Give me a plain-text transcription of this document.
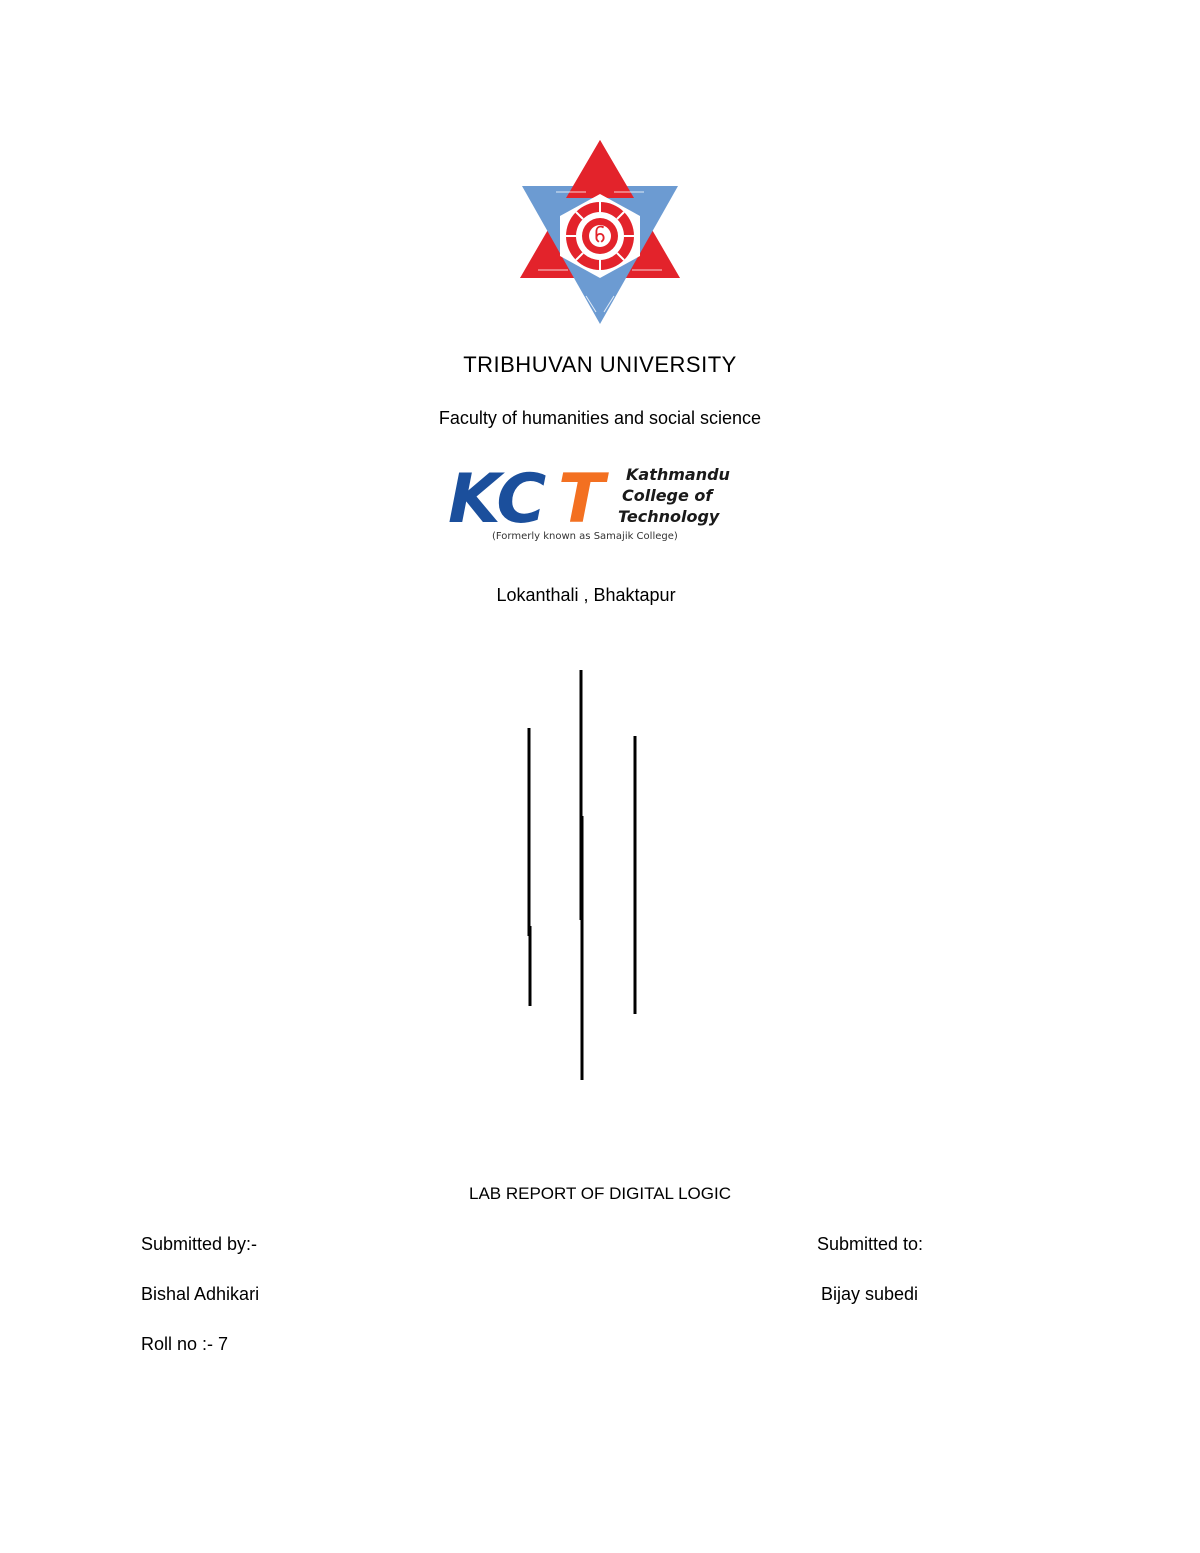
ᨤ
TRIBHUVAN UNIVERSITY
Faculty of humanities and social science
KC T Kathmandu
College of
Technology
(Formerly known as Samajik College)
Lokanthali , Bhaktapur
LAB REPORT OF DIGITAL LOGIC
Submitted by:-
Bishal Adhikari
Roll no :- 7
Submitted to:
Bijay subedi
